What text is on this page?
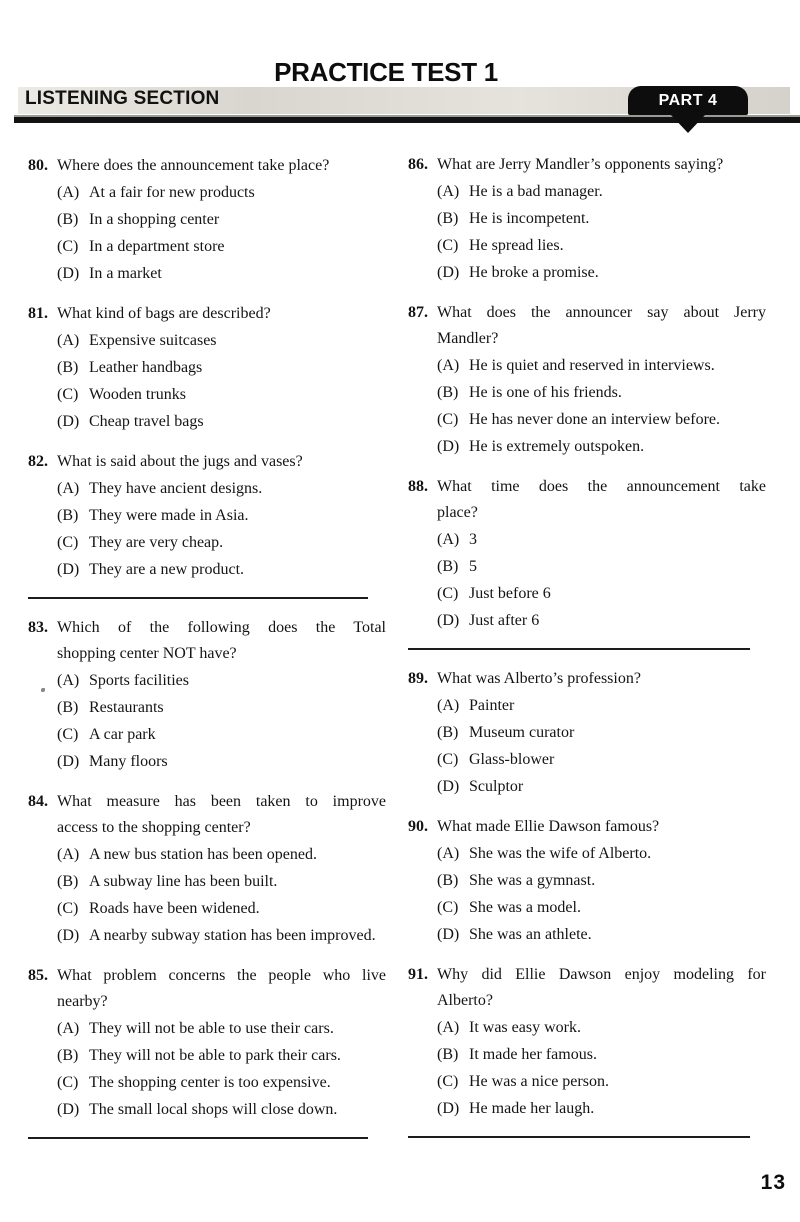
PRACTICE TEST 1
LISTENING SECTION	PART 4
80. Where does the announcement take place?
(A) At a fair for new products
(B) In a shopping center
(C) In a department store
(D) In a market
81. What kind of bags are described?
(A) Expensive suitcases
(B) Leather handbags
(C) Wooden trunks
(D) Cheap travel bags
82. What is said about the jugs and vases?
(A) They have ancient designs.
(B) They were made in Asia.
(C) They are very cheap.
(D) They are a new product.
83. Which of the following does the Total
shopping center NOT have?
(A) Sports facilities
(B) Restaurants
(C) A car park
(D) Many floors
84. What measure has been taken to improve
access to the shopping center?
(A) A new bus station has been opened.
(B) A subway line has been built.
(C) Roads have been widened.
(D) A nearby subway station has been improved.
85. What problem concerns the people who live
nearby?
(A) They will not be able to use their cars.
(B) They will not be able to park their cars.
(C) The shopping center is too expensive.
(D) The small local shops will close down.
86. What are Jerry Mandler’s opponents saying?
(A) He is a bad manager.
(B) He is incompetent.
(C) He spread lies.
(D) He broke a promise.
87. What does the announcer say about Jerry
Mandler?
(A) He is quiet and reserved in interviews.
(B) He is one of his friends.
(C) He has never done an interview before.
(D) He is extremely outspoken.
88. What time does the announcement take
place?
(A) 3
(B) 5
(C) Just before 6
(D) Just after 6
89. What was Alberto’s profession?
(A) Painter
(B) Museum curator
(C) Glass-blower
(D) Sculptor
90. What made Ellie Dawson famous?
(A) She was the wife of Alberto.
(B) She was a gymnast.
(C) She was a model.
(D) She was an athlete.
91. Why did Ellie Dawson enjoy modeling for
Alberto?
(A) It was easy work.
(B) It made her famous.
(C) He was a nice person.
(D) He made her laugh.
13
